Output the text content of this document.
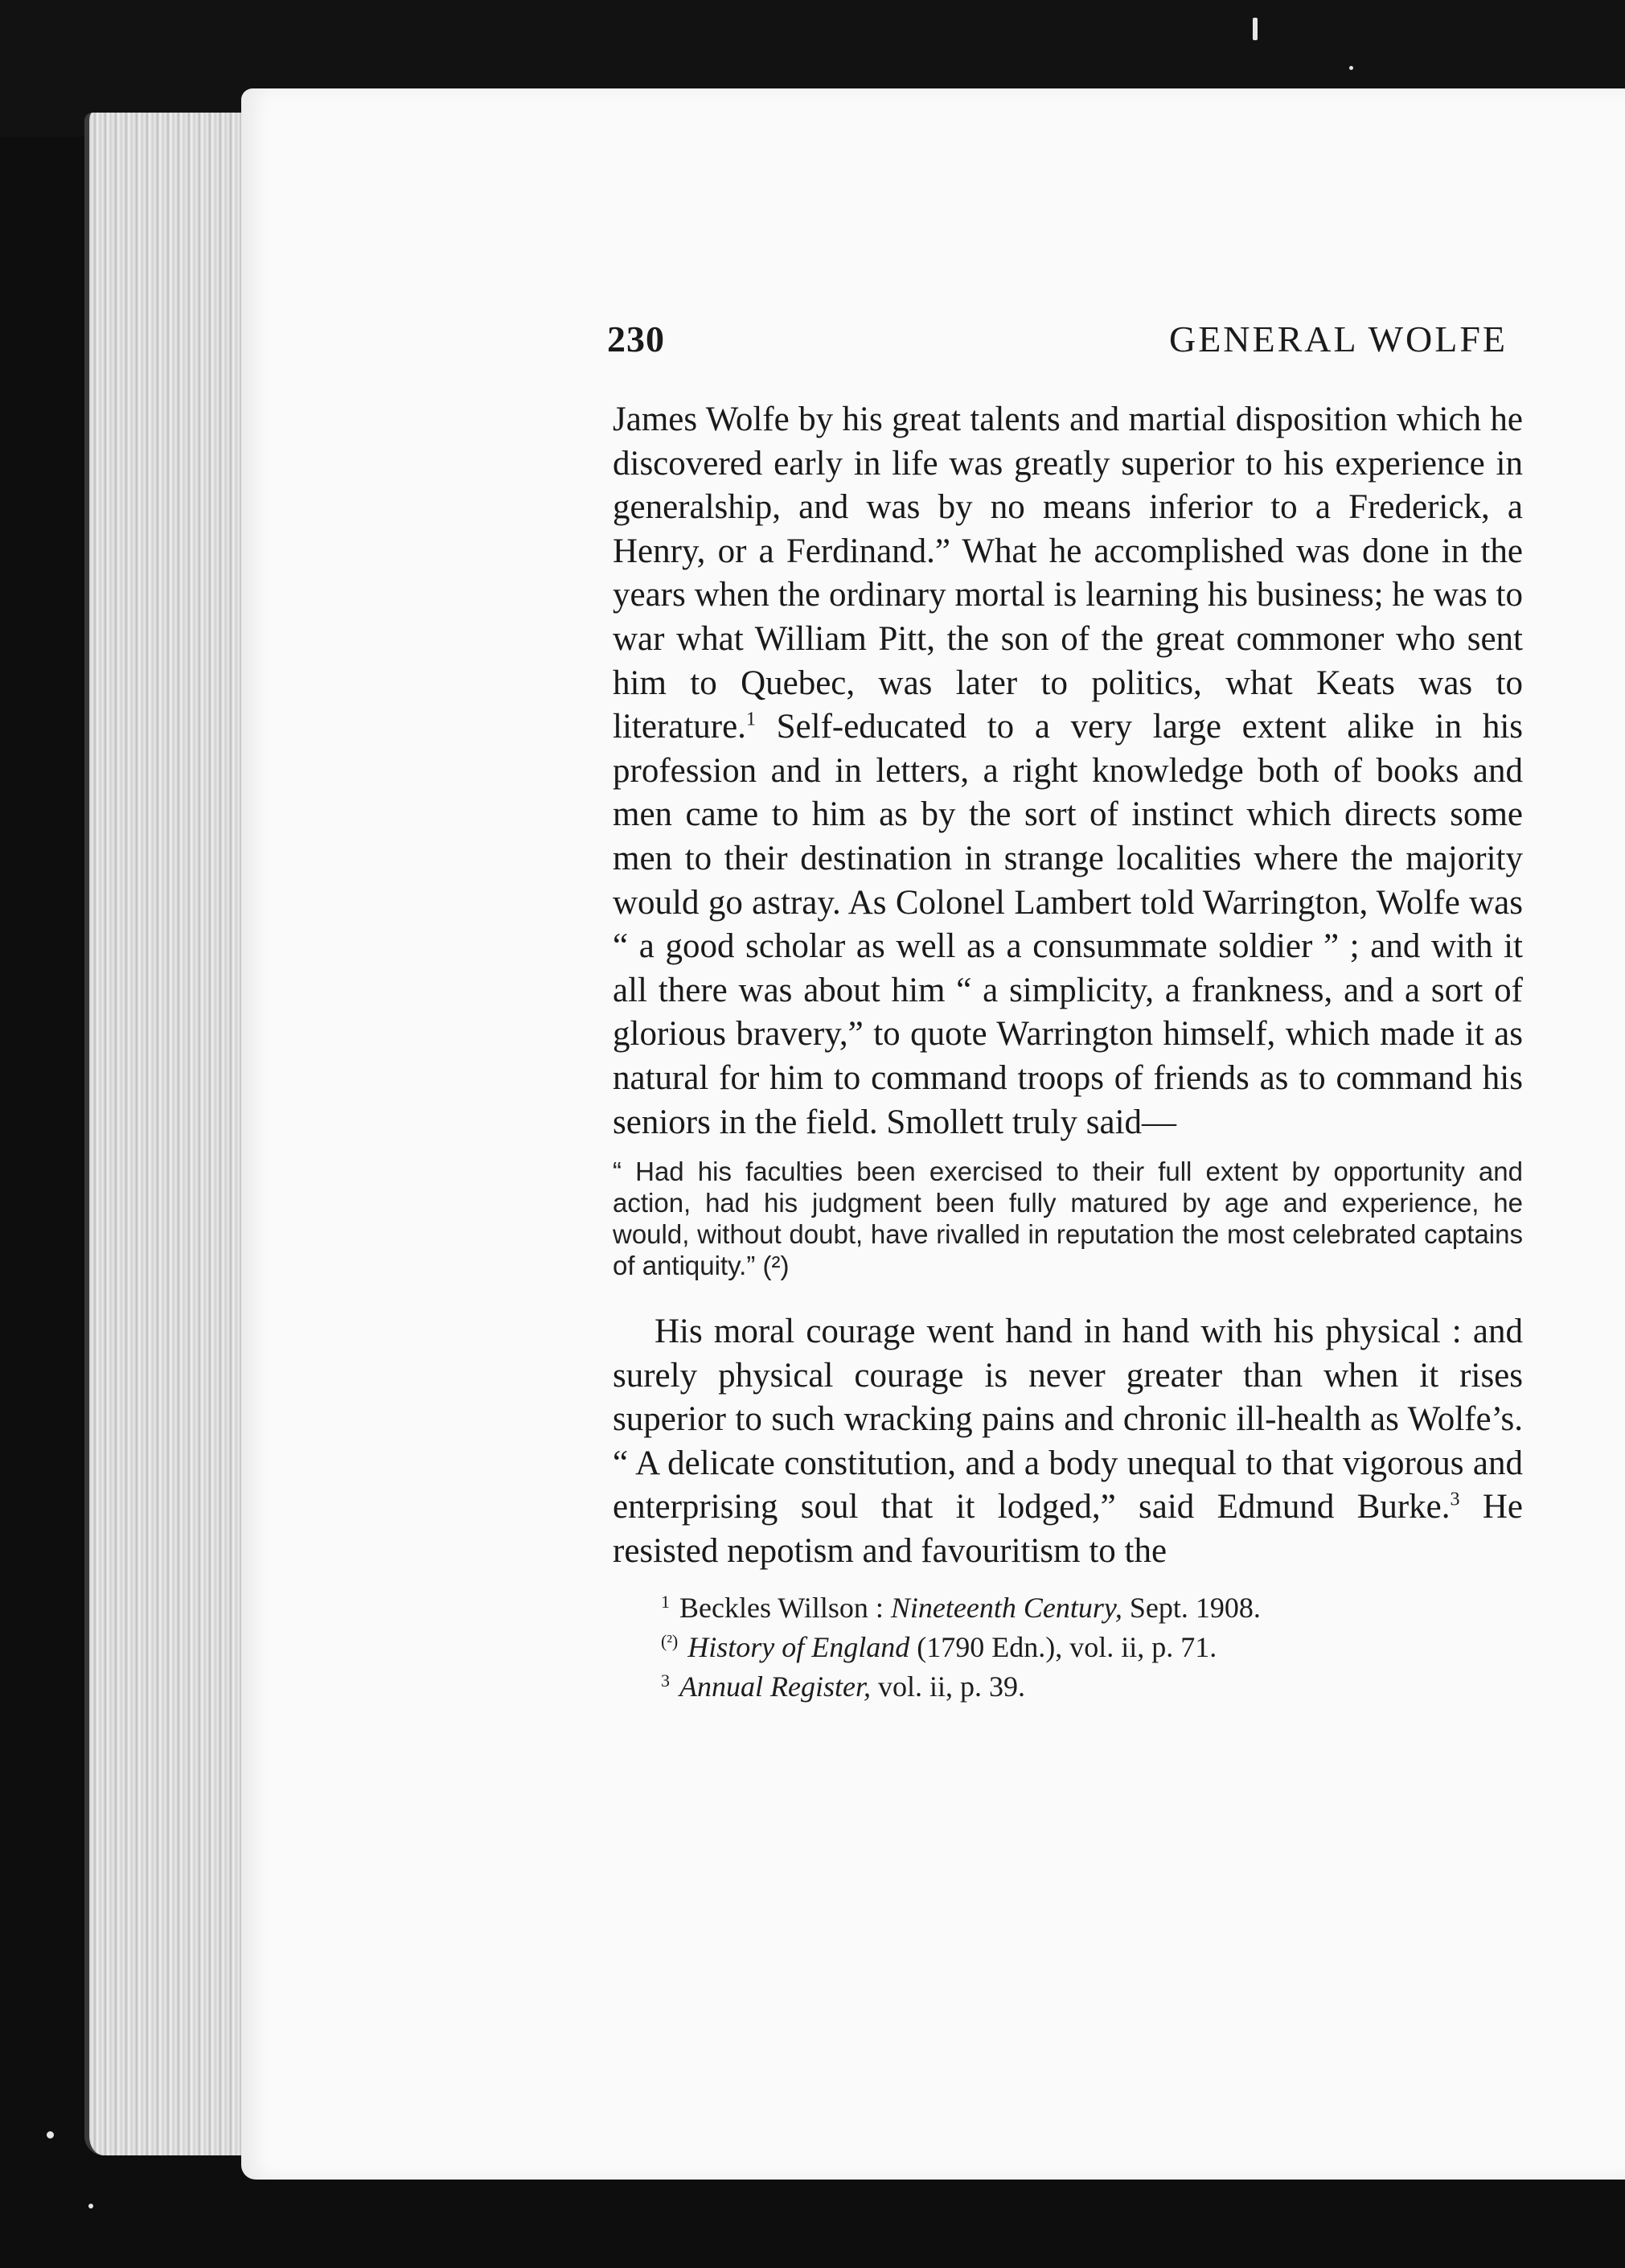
230	GENERAL WOLFE

James Wolfe by his great talents and martial disposition which he discovered early in life was greatly superior to his experience in generalship, and was by no means inferior to a Frederick, a Henry, or a Ferdinand.” What he accomplished was done in the years when the ordinary mortal is learning his business; he was to war what William Pitt, the son of the great commoner who sent him to Quebec, was later to politics, what Keats was to literature.$^1$ Self-educated to a very large extent alike in his profession and in letters, a right knowledge both of books and men came to him as by the sort of instinct which directs some men to their destination in strange localities where the majority would go astray. As Colonel Lambert told Warrington, Wolfe was “ a good scholar as well as a consummate soldier ” ; and with it all there was about him “ a simplicity, a frankness, and a sort of glorious bravery,” to quote Warrington himself, which made it as natural for him to command troops of friends as to command his seniors in the field. Smollett truly said—

“ Had his faculties been exercised to their full extent by opportunity and action, had his judgment been fully matured by age and experience, he would, without doubt, have rivalled in reputation the most celebrated captains of antiquity.” (²)

His moral courage went hand in hand with his physical : and surely physical courage is never greater than when it rises superior to such wracking pains and chronic ill-health as Wolfe’s. “ A delicate constitution, and a body unequal to that vigorous and enterprising soul that it lodged,” said Edmund Burke.$^3$ He resisted nepotism and favouritism to the

$^1$ Beckles Willson : Nineteenth Century, Sept. 1908.

$^{(^2)}$ History of England (1790 Edn.), vol. ii, p. 71.

$^3$ Annual Register, vol. ii, p. 39.
